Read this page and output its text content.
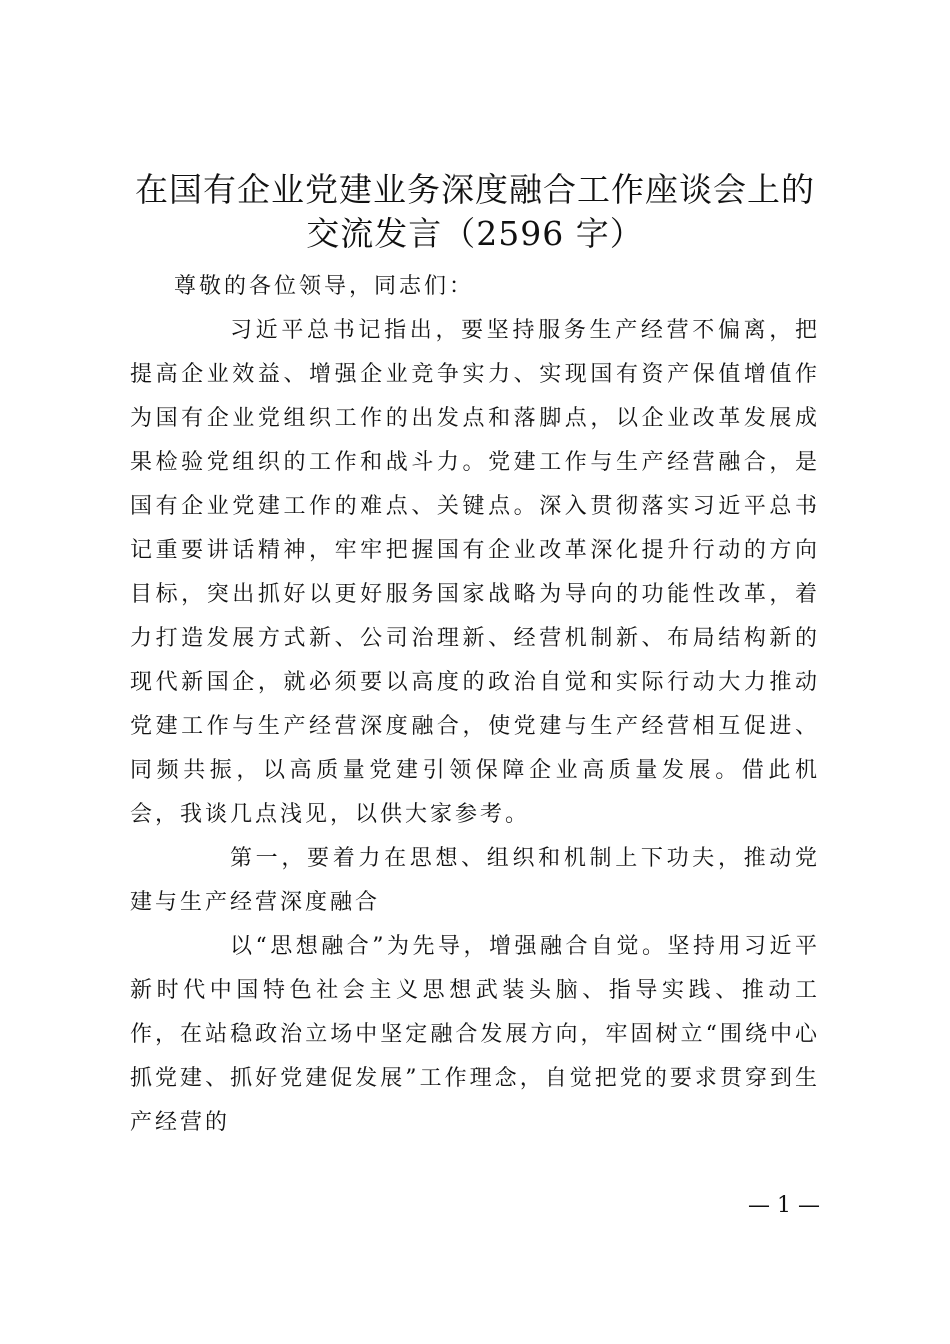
在国有企业党建业务深度融合工作座谈会上的
交流发言（2596 字）

尊敬的各位领导，同志们：

习近平总书记指出，要坚持服务生产经营不偏离，把提高企业效益、增强企业竞争实力、实现国有资产保值增值作为国有企业党组织工作的出发点和落脚点，以企业改革发展成果检验党组织的工作和战斗力。党建工作与生产经营融合，是国有企业党建工作的难点、关键点。深入贯彻落实习近平总书记重要讲话精神，牢牢把握国有企业改革深化提升行动的方向目标，突出抓好以更好服务国家战略为导向的功能性改革，着力打造发展方式新、公司治理新、经营机制新、布局结构新的现代新国企，就必须要以高度的政治自觉和实际行动大力推动党建工作与生产经营深度融合，使党建与生产经营相互促进、同频共振，以高质量党建引领保障企业高质量发展。借此机会，我谈几点浅见，以供大家参考。

第一，要着力在思想、组织和机制上下功夫，推动党建与生产经营深度融合

以“思想融合”为先导，增强融合自觉。坚持用习近平新时代中国特色社会主义思想武装头脑、指导实践、推动工作，在站稳政治立场中坚定融合发展方向，牢固树立“围绕中心抓党建、抓好党建促发展”工作理念，自觉把党的要求贯穿到生产经营的

— 1 —
